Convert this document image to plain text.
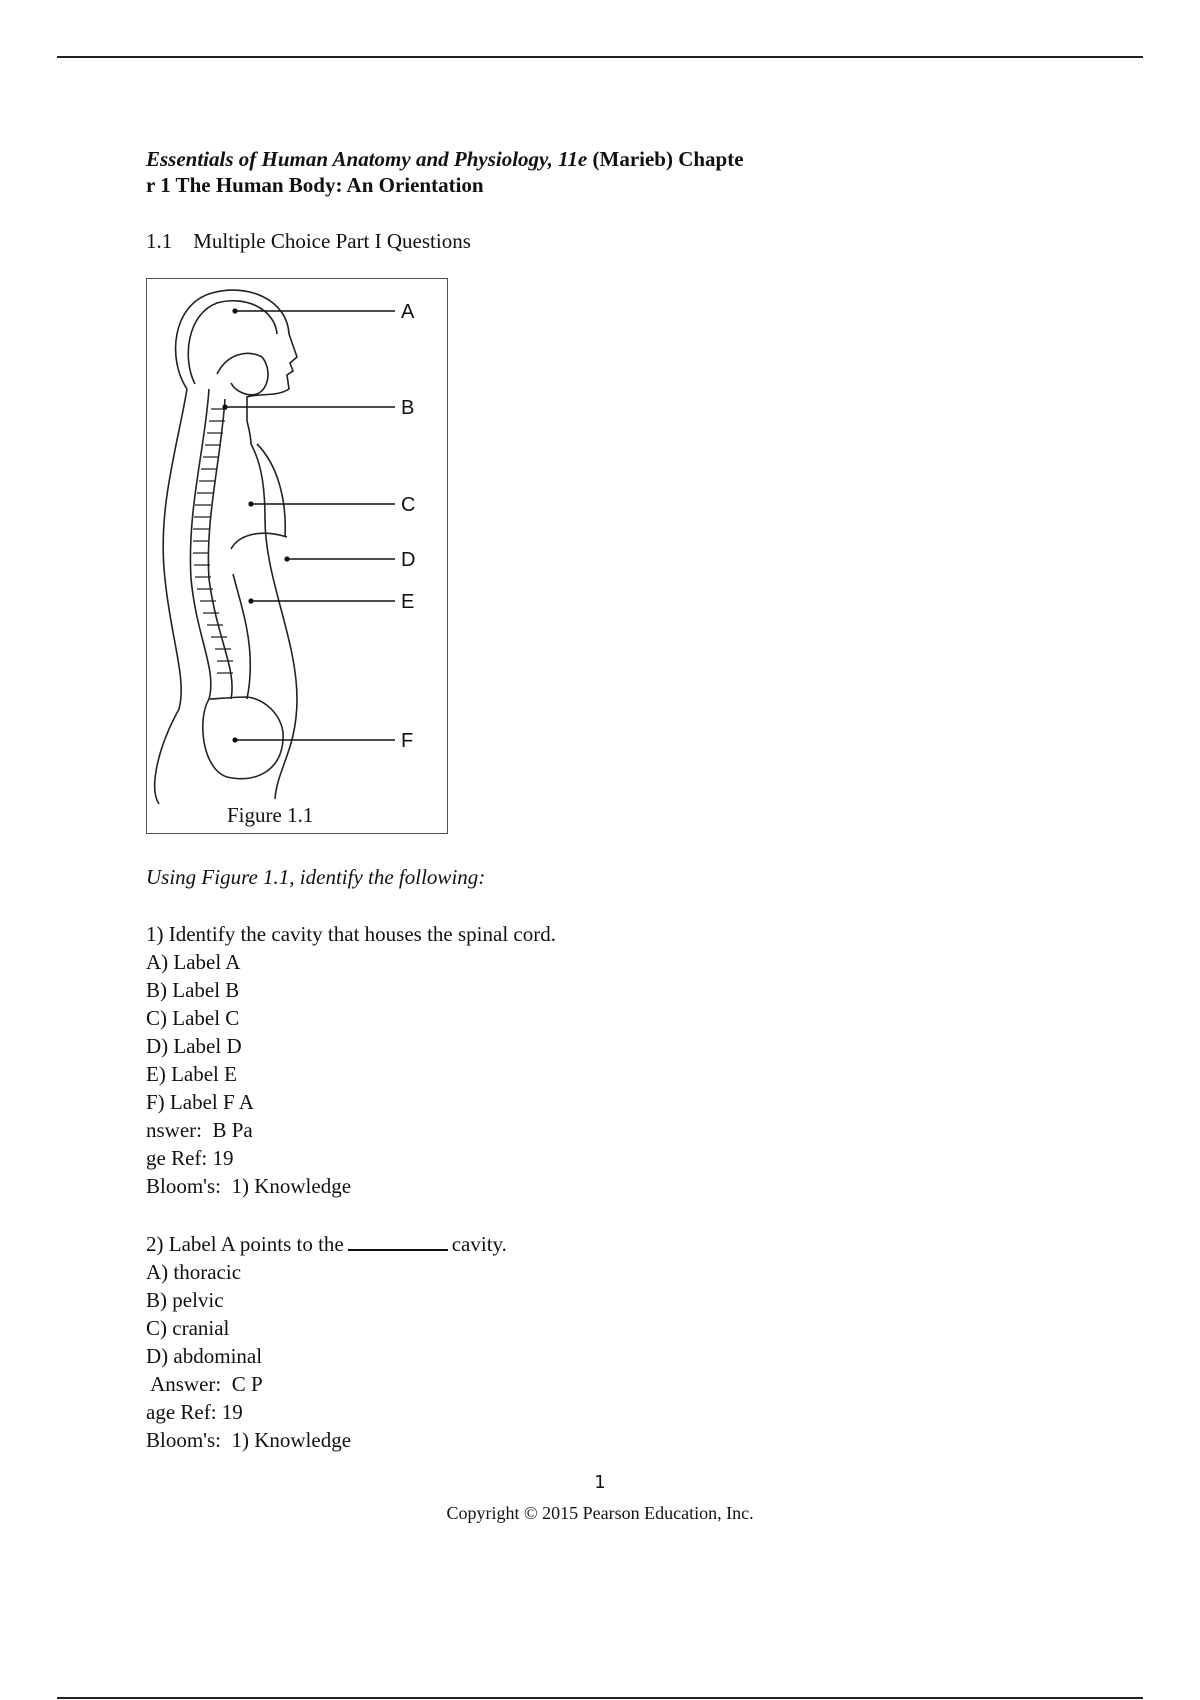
Essentials of Human Anatomy and Physiology, 11e (Marieb) Chapte
r 1 The Human Body: An Orientation

1.1    Multiple Choice Part I Questions
A
B
C
D
E
F
Figure 1.1
Using Figure 1.1, identify the following:
1) Identify the cavity that houses the spinal cord.
A) Label A
B) Label B
C) Label C
D) Label D
E) Label E
F) Label F A
nswer:  B Pa
ge Ref: 19
Bloom's:  1) Knowledge
2) Label A points to the	cavity.
A) thoracic
B) pelvic
C) cranial
D) abdominal
Answer:  C P
age Ref: 19
Bloom's:  1) Knowledge
1
Copyright © 2015 Pearson Education, Inc.
